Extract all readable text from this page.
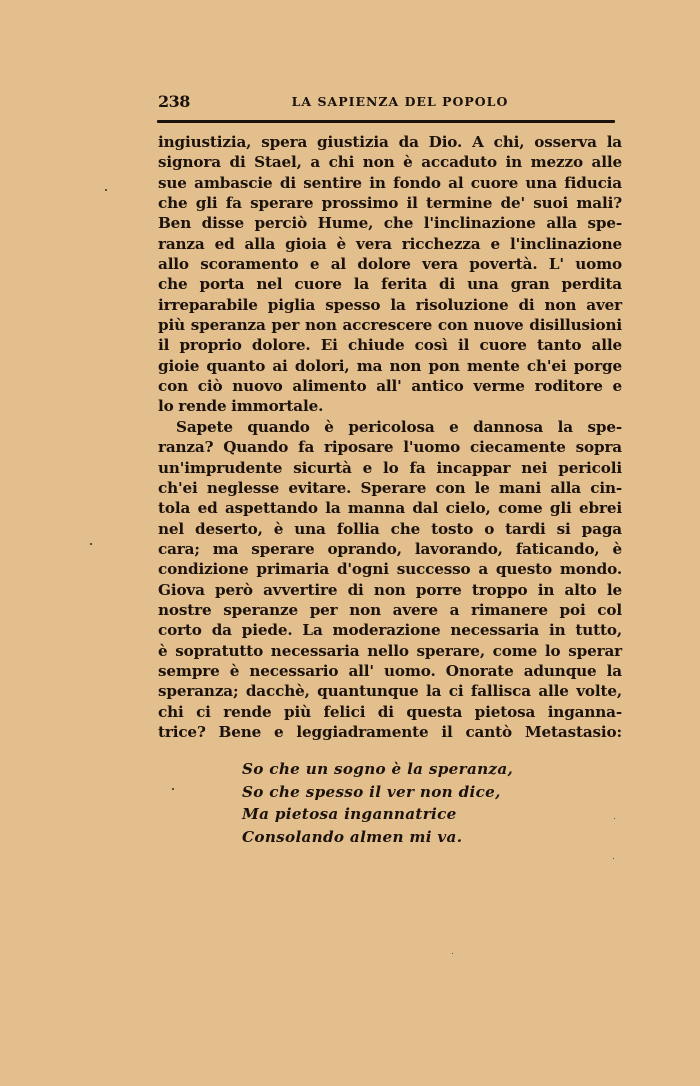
238	LA SAPIENZA DEL POPOLO
ingiustizia, spera giustizia da Dio. A chi, osserva la
signora di Stael, a chi non è accaduto in mezzo alle
sue ambascie di sentire in fondo al cuore una fiducia
che gli fa sperare prossimo il termine de' suoi mali?
Ben disse perciò Hume, che l'inclinazione alla spe-
ranza ed alla gioia è vera ricchezza e l'inclinazione
allo scoramento e al dolore vera povertà. L' uomo
che porta nel cuore la ferita di una gran perdita
irreparabile piglia spesso la risoluzione di non aver
più speranza per non accrescere con nuove disillusioni
il proprio dolore. Ei chiude così il cuore tanto alle
gioie quanto ai dolori, ma non pon mente ch'ei porge
con ciò nuovo alimento all' antico verme roditore e
lo rende immortale.
Sapete quando è pericolosa e dannosa la spe-
ranza? Quando fa riposare l'uomo ciecamente sopra
un'imprudente sicurtà e lo fa incappar nei pericoli
ch'ei neglesse evitare. Sperare con le mani alla cin-
tola ed aspettando la manna dal cielo, come gli ebrei
nel deserto, è una follia che tosto o tardi si paga
cara; ma sperare oprando, lavorando, faticando, è
condizione primaria d'ogni successo a questo mondo.
Giova però avvertire di non porre troppo in alto le
nostre speranze per non avere a rimanere poi col
corto da piede. La moderazione necessaria in tutto,
è sopratutto necessaria nello sperare, come lo sperar
sempre è necessario all' uomo. Onorate adunque la
speranza; dacchè, quantunque la ci fallisca alle volte,
chi ci rende più felici di questa pietosa inganna-
trice? Bene e leggiadramente il cantò Metastasio:
So che un sogno è la speranza,
So che spesso il ver non dice,
Ma pietosa ingannatrice
Consolando almen mi va.
